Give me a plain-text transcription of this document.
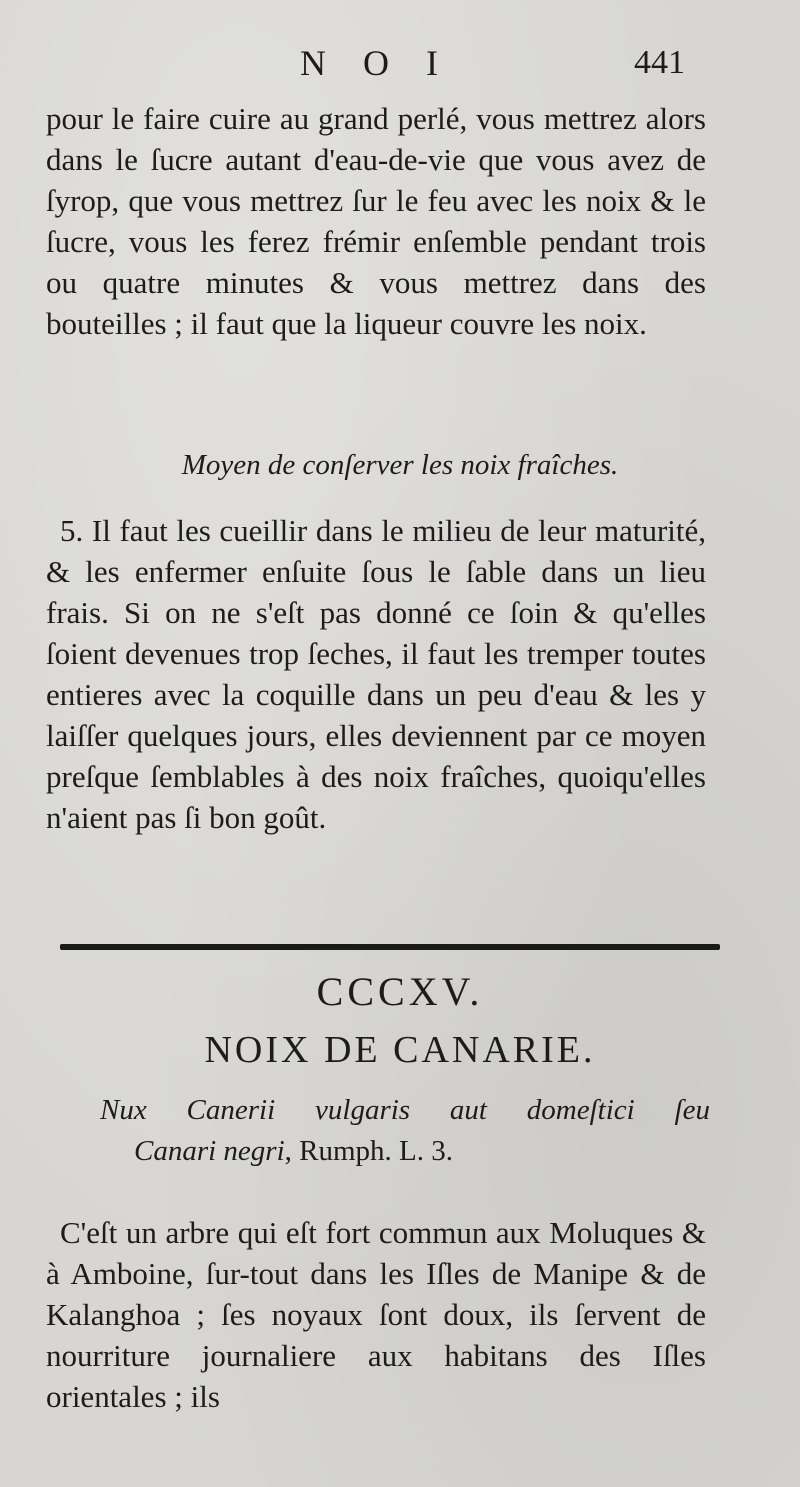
N O I	441
pour le faire cuire au grand perlé, vous mettrez alors dans le ſucre autant d'eau-de-vie que vous avez de ſyrop, que vous mettrez ſur le feu avec les noix & le ſucre, vous les ferez frémir enſemble pendant trois ou quatre minutes & vous mettrez dans des bouteilles ; il faut que la liqueur couvre les noix.
Moyen de conſerver les noix fraîches.
5. Il faut les cueillir dans le milieu de leur maturité, & les enfermer enſuite ſous le ſable dans un lieu frais. Si on ne s'eſt pas donné ce ſoin & qu'elles ſoient devenues trop ſeches, il faut les tremper toutes entieres avec la coquille dans un peu d'eau & les y laiſſer quelques jours, elles deviennent par ce moyen preſque ſemblables à des noix fraîches, quoiqu'elles n'aient pas ſi bon goût.
CCCXV.
NOIX DE CANARIE.
Nux Canerii vulgaris aut domeſtici ſeu
Canari negri, Rumph. L. 3.
C'eſt un arbre qui eſt fort commun aux Moluques & à Amboine, ſur-tout dans les Iſles de Manipe & de Kalanghoa ; ſes noyaux ſont doux, ils ſervent de nourriture journaliere aux habitans des Iſles orientales ; ils
